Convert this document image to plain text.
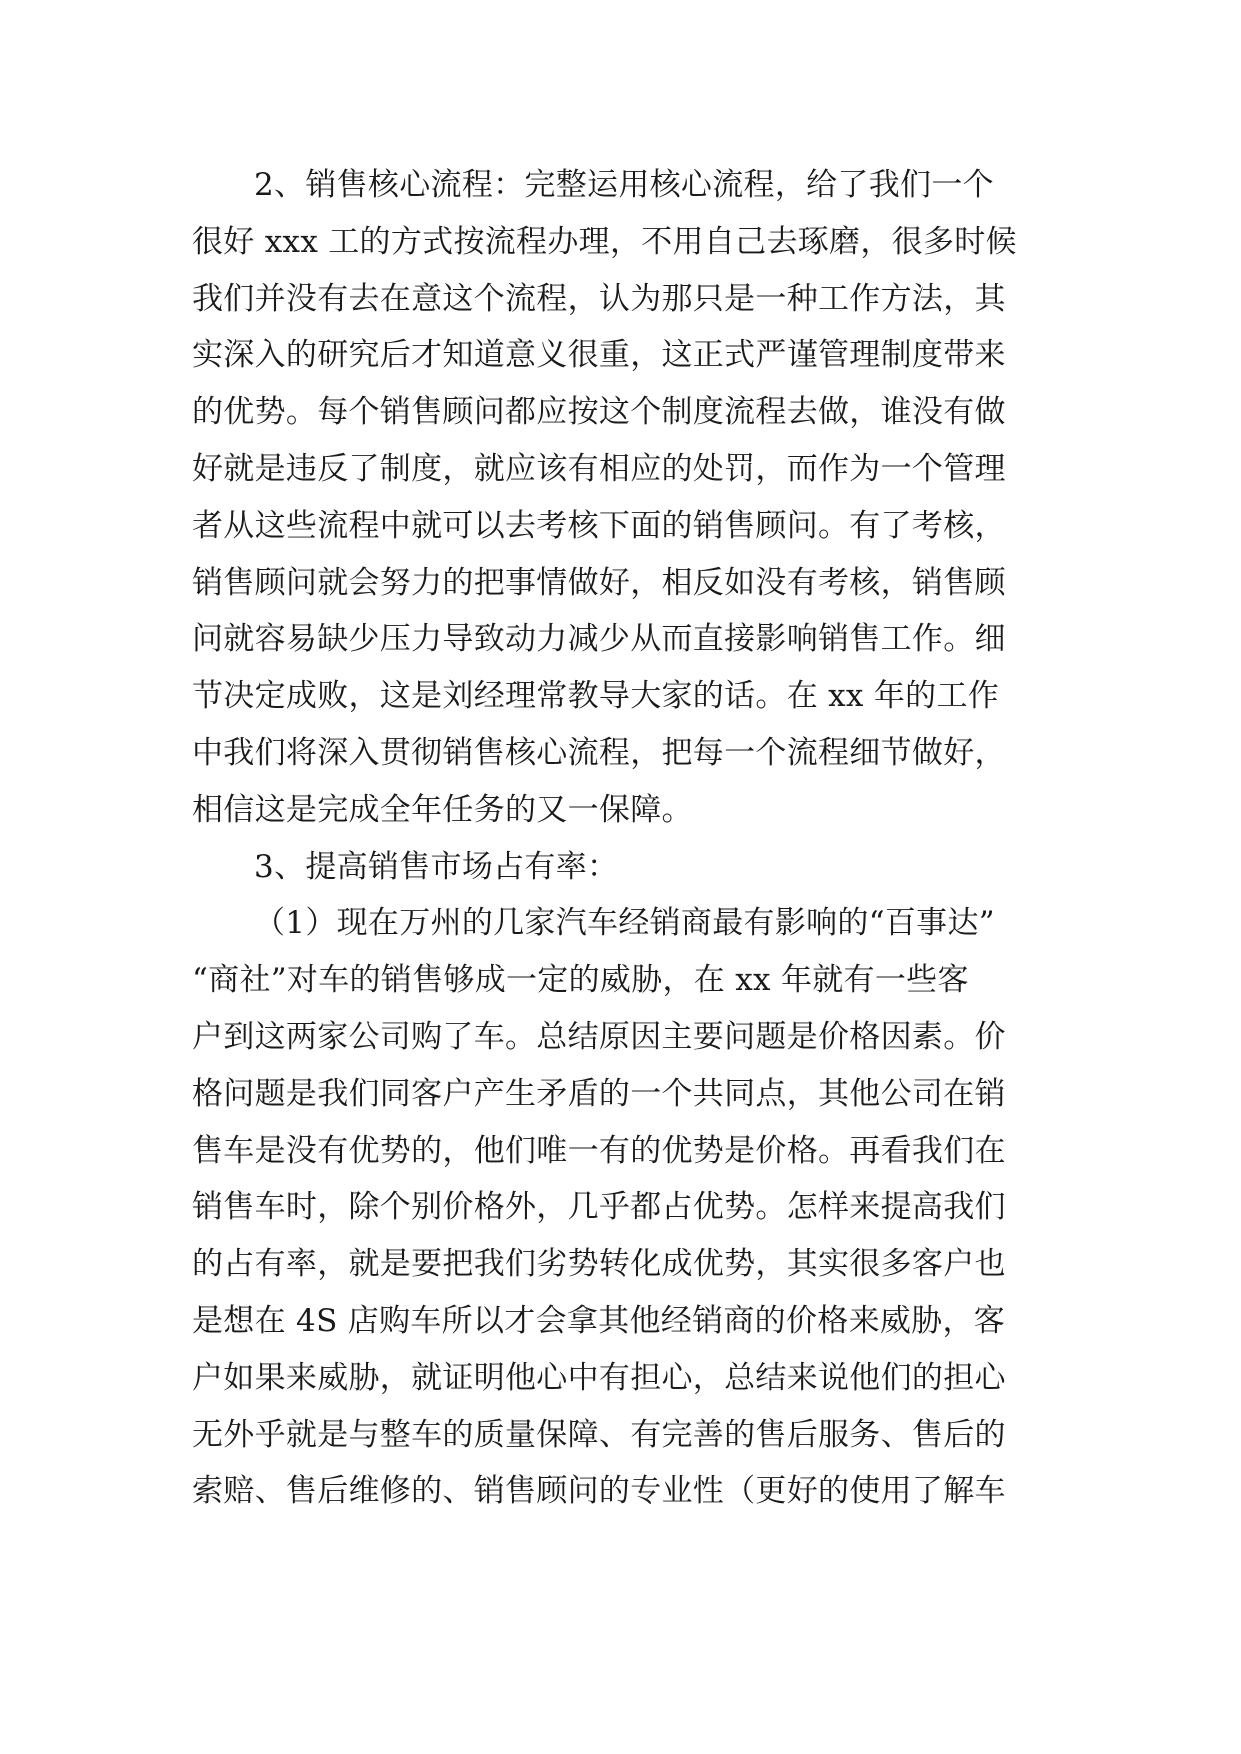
2、销售核心流程：完整运用核心流程，给了我们一个
很好 xxx 工的方式按流程办理，不用自己去琢磨，很多时候
我们并没有去在意这个流程，认为那只是一种工作方法，其
实深入的研究后才知道意义很重，这正式严谨管理制度带来
的优势。每个销售顾问都应按这个制度流程去做，谁没有做
好就是违反了制度，就应该有相应的处罚，而作为一个管理
者从这些流程中就可以去考核下面的销售顾问。有了考核，
销售顾问就会努力的把事情做好，相反如没有考核，销售顾
问就容易缺少压力导致动力减少从而直接影响销售工作。细
节决定成败，这是刘经理常教导大家的话。在 xx 年的工作
中我们将深入贯彻销售核心流程，把每一个流程细节做好，
相信这是完成全年任务的又一保障。
3、提高销售市场占有率：
（1）现在万州的几家汽车经销商最有影响的“百事达”
“商社”对车的销售够成一定的威胁，在 xx 年就有一些客
户到这两家公司购了车。总结原因主要问题是价格因素。价
格问题是我们同客户产生矛盾的一个共同点，其他公司在销
售车是没有优势的，他们唯一有的优势是价格。再看我们在
销售车时，除个别价格外，几乎都占优势。怎样来提高我们
的占有率，就是要把我们劣势转化成优势，其实很多客户也
是想在 4S 店购车所以才会拿其他经销商的价格来威胁，客
户如果来威胁，就证明他心中有担心，总结来说他们的担心
无外乎就是与整车的质量保障、有完善的售后服务、售后的
索赔、售后维修的、销售顾问的专业性（更好的使用了解车
